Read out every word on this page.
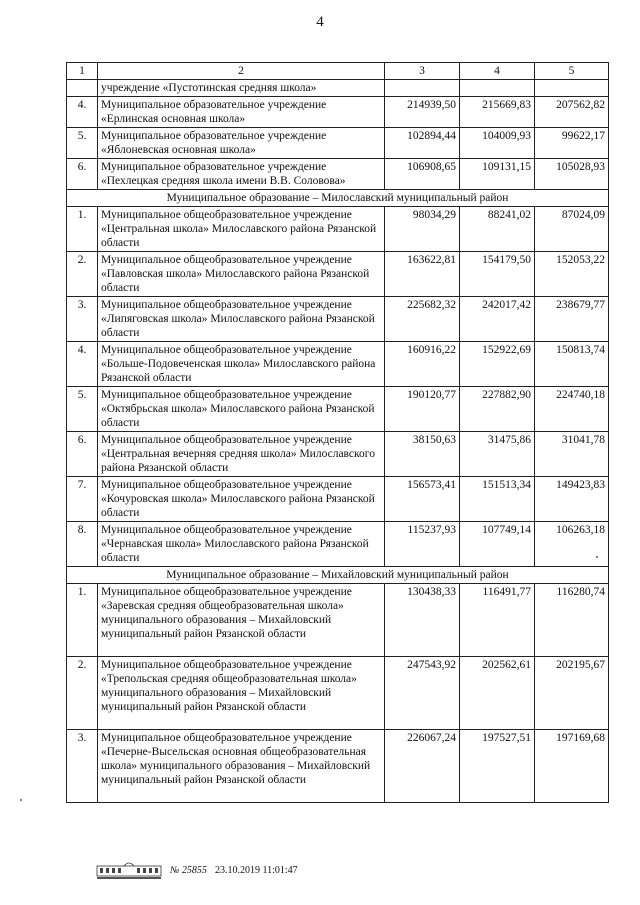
4
1	2	3	4	5
	учреждение «Пустотинская средняя школа»			
4.	Муниципальное образовательное учреждение «Ерлинская основная школа»	214939,50	215669,83	207562,82
5.	Муниципальное образовательное учреждение «Яблоневская основная школа»	102894,44	104009,93	99622,17
6.	Муниципальное образовательное учреждение «Пехлецкая средняя школа имени В.В. Соловова»	106908,65	109131,15	105028,93
Муниципальное образование – Милославский муниципальный район				
1.	Муниципальное общеобразовательное учреждение «Центральная школа» Милославского района Рязанской области	98034,29	88241,02	87024,09
2.	Муниципальное общеобразовательное учреждение «Павловская школа» Милославского района Рязанской области	163622,81	154179,50	152053,22
3.	Муниципальное общеобразовательное учреждение «Липяговская школа» Милославского района Рязанской области	225682,32	242017,42	238679,77
4.	Муниципальное общеобразовательное учреждение «Больше-Подовеченская школа» Милославского района Рязанской области	160916,22	152922,69	150813,74
5.	Муниципальное общеобразовательное учреждение «Октябрьская школа» Милославского района Рязанской области	190120,77	227882,90	224740,18
6.	Муниципальное общеобразовательное учреждение «Центральная вечерняя средняя школа» Милославского района Рязанской области	38150,63	31475,86	31041,78
7.	Муниципальное общеобразовательное учреждение «Кочуровская школа» Милославского района Рязанской области	156573,41	151513,34	149423,83
8.	Муниципальное общеобразовательное учреждение «Чернавская школа» Милославского района Рязанской области	115237,93	107749,14	106263,18
Муниципальное образование – Михайловский муниципальный район				
1.	Муниципальное общеобразовательное учреждение «Заревская средняя общеобразовательная школа» муниципального образования – Михайловский муниципальный район Рязанской области	130438,33	116491,77	116280,74
2.	Муниципальное общеобразовательное учреждение «Трепольская средняя общеобразовательная школа» муниципального образования – Михайловский муниципальный район Рязанской области	247543,92	202562,61	202195,67
3.	Муниципальное общеобразовательное учреждение «Печерне-Высельская основная общеобразовательная школа» муниципального образования – Михайловский муниципальный район Рязанской области	226067,24	197527,51	197169,68
№ 25855 23.10.2019 11:01:47
